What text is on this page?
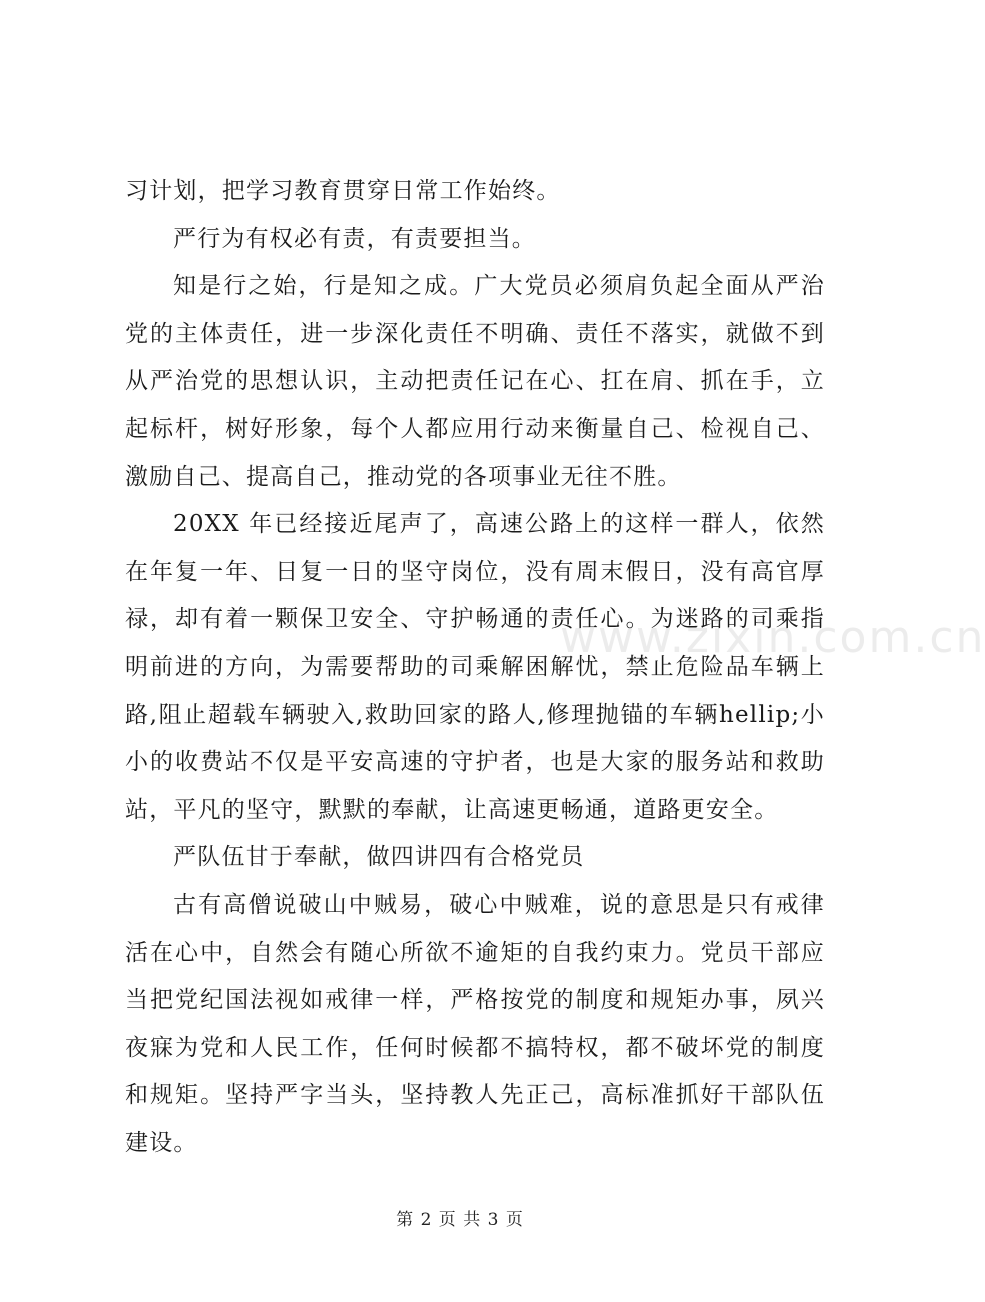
习计划，把学习教育贯穿日常工作始终。

严行为有权必有责，有责要担当。

知是行之始，行是知之成。广大党员必须肩负起全面从严治党的主体责任，进一步深化责任不明确、责任不落实，就做不到从严治党的思想认识，主动把责任记在心、扛在肩、抓在手，立起标杆，树好形象，每个人都应用行动来衡量自己、检视自己、激励自己、提高自己，推动党的各项事业无往不胜。

20XX 年已经接近尾声了，高速公路上的这样一群人，依然在年复一年、日复一日的坚守岗位，没有周末假日，没有高官厚禄，却有着一颗保卫安全、守护畅通的责任心。为迷路的司乘指明前进的方向，为需要帮助的司乘解困解忧，禁止危险品车辆上路,阻止超载车辆驶入,救助回家的路人,修理抛锚的车辆hellip;小小的收费站不仅是平安高速的守护者，也是大家的服务站和救助站，平凡的坚守，默默的奉献，让高速更畅通，道路更安全。

严队伍甘于奉献，做四讲四有合格党员

古有高僧说破山中贼易，破心中贼难，说的意思是只有戒律活在心中，自然会有随心所欲不逾矩的自我约束力。党员干部应当把党纪国法视如戒律一样，严格按党的制度和规矩办事，夙兴夜寐为党和人民工作，任何时候都不搞特权，都不破坏党的制度和规矩。坚持严字当头，坚持教人先正己，高标准抓好干部队伍建设。

www.zixin.com.cn
第 2 页 共 3 页
